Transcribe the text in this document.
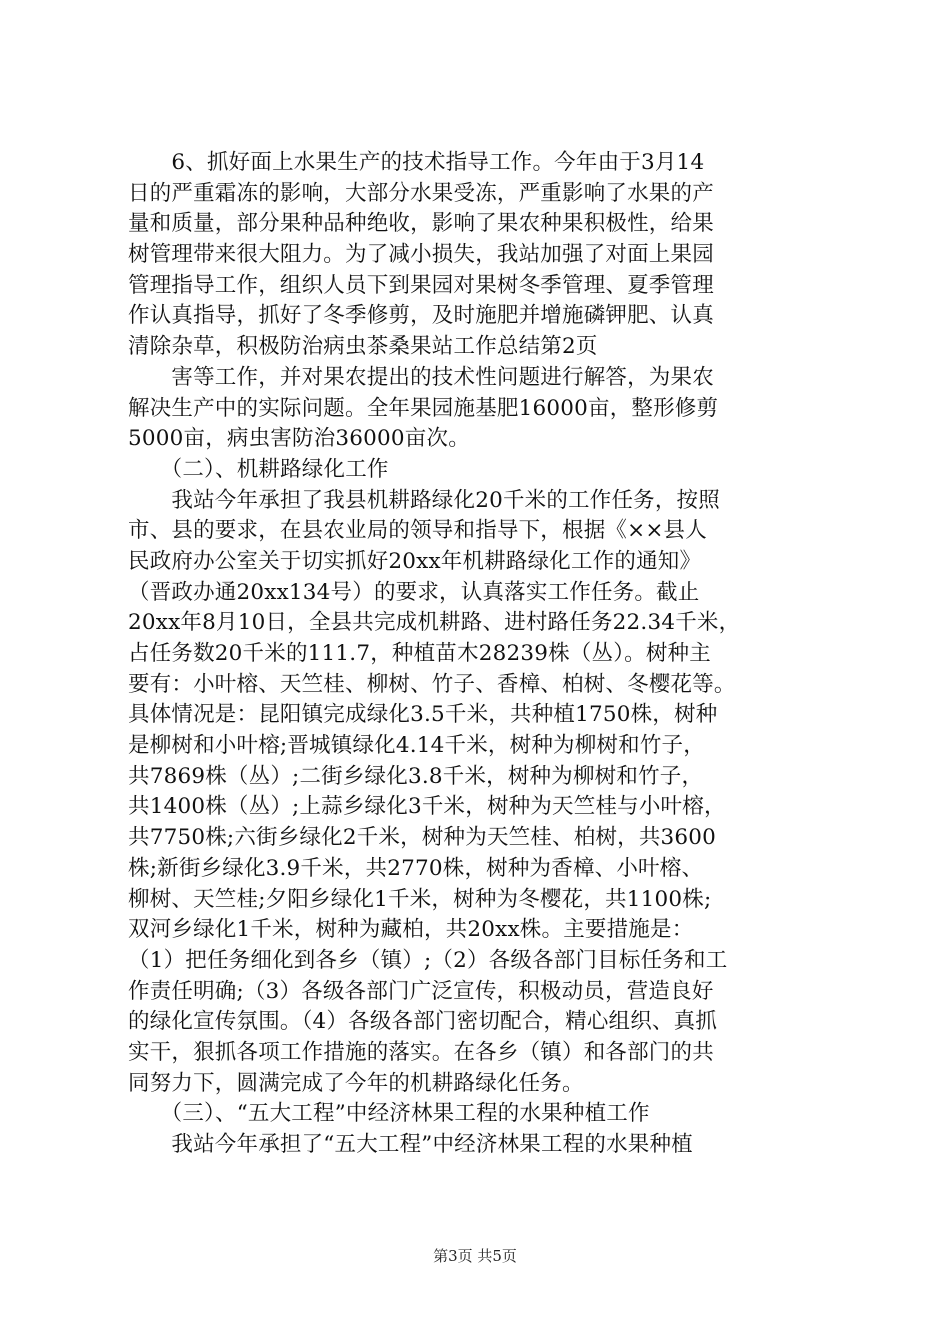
　　6、抓好面上水果生产的技术指导工作。今年由于3月14
日的严重霜冻的影响，大部分水果受冻，严重影响了水果的产
量和质量，部分果种品种绝收，影响了果农种果积极性，给果
树管理带来很大阻力。为了减小损失，我站加强了对面上果园
管理指导工作，组织人员下到果园对果树冬季管理、夏季管理
作认真指导，抓好了冬季修剪，及时施肥并增施磷钾肥、认真
清除杂草，积极防治病虫茶桑果站工作总结第2页
　　害等工作，并对果农提出的技术性问题进行解答，为果农
解决生产中的实际问题。全年果园施基肥16000亩，整形修剪
5000亩，病虫害防治36000亩次。
　　（二）、机耕路绿化工作
　　我站今年承担了我县机耕路绿化20千米的工作任务，按照
市、县的要求，在县农业局的领导和指导下，根据《××县人
民政府办公室关于切实抓好20xx年机耕路绿化工作的通知》
（晋政办通20xx134号）的要求，认真落实工作任务。截止
20xx年8月10日，全县共完成机耕路、进村路任务22.34千米，
占任务数20千米的111.7，种植苗木28239株（丛）。树种主
要有：小叶榕、天竺桂、柳树、竹子、香樟、柏树、冬樱花等。
具体情况是：昆阳镇完成绿化3.5千米，共种植1750株，树种
是柳树和小叶榕;晋城镇绿化4.14千米，树种为柳树和竹子，
共7869株（丛）;二街乡绿化3.8千米，树种为柳树和竹子，
共1400株（丛）;上蒜乡绿化3千米，树种为天竺桂与小叶榕，
共7750株;六街乡绿化2千米，树种为天竺桂、柏树，共3600
株;新街乡绿化3.9千米，共2770株，树种为香樟、小叶榕、
柳树、天竺桂;夕阳乡绿化1千米，树种为冬樱花，共1100株;
双河乡绿化1千米，树种为藏柏，共20xx株。主要措施是：
（1）把任务细化到各乡（镇）;（2）各级各部门目标任务和工
作责任明确;（3）各级各部门广泛宣传，积极动员，营造良好
的绿化宣传氛围。（4）各级各部门密切配合，精心组织、真抓
实干，狠抓各项工作措施的落实。在各乡（镇）和各部门的共
同努力下，圆满完成了今年的机耕路绿化任务。
　　（三）、“五大工程”中经济林果工程的水果种植工作
　　我站今年承担了“五大工程”中经济林果工程的水果种植
第3页 共5页
